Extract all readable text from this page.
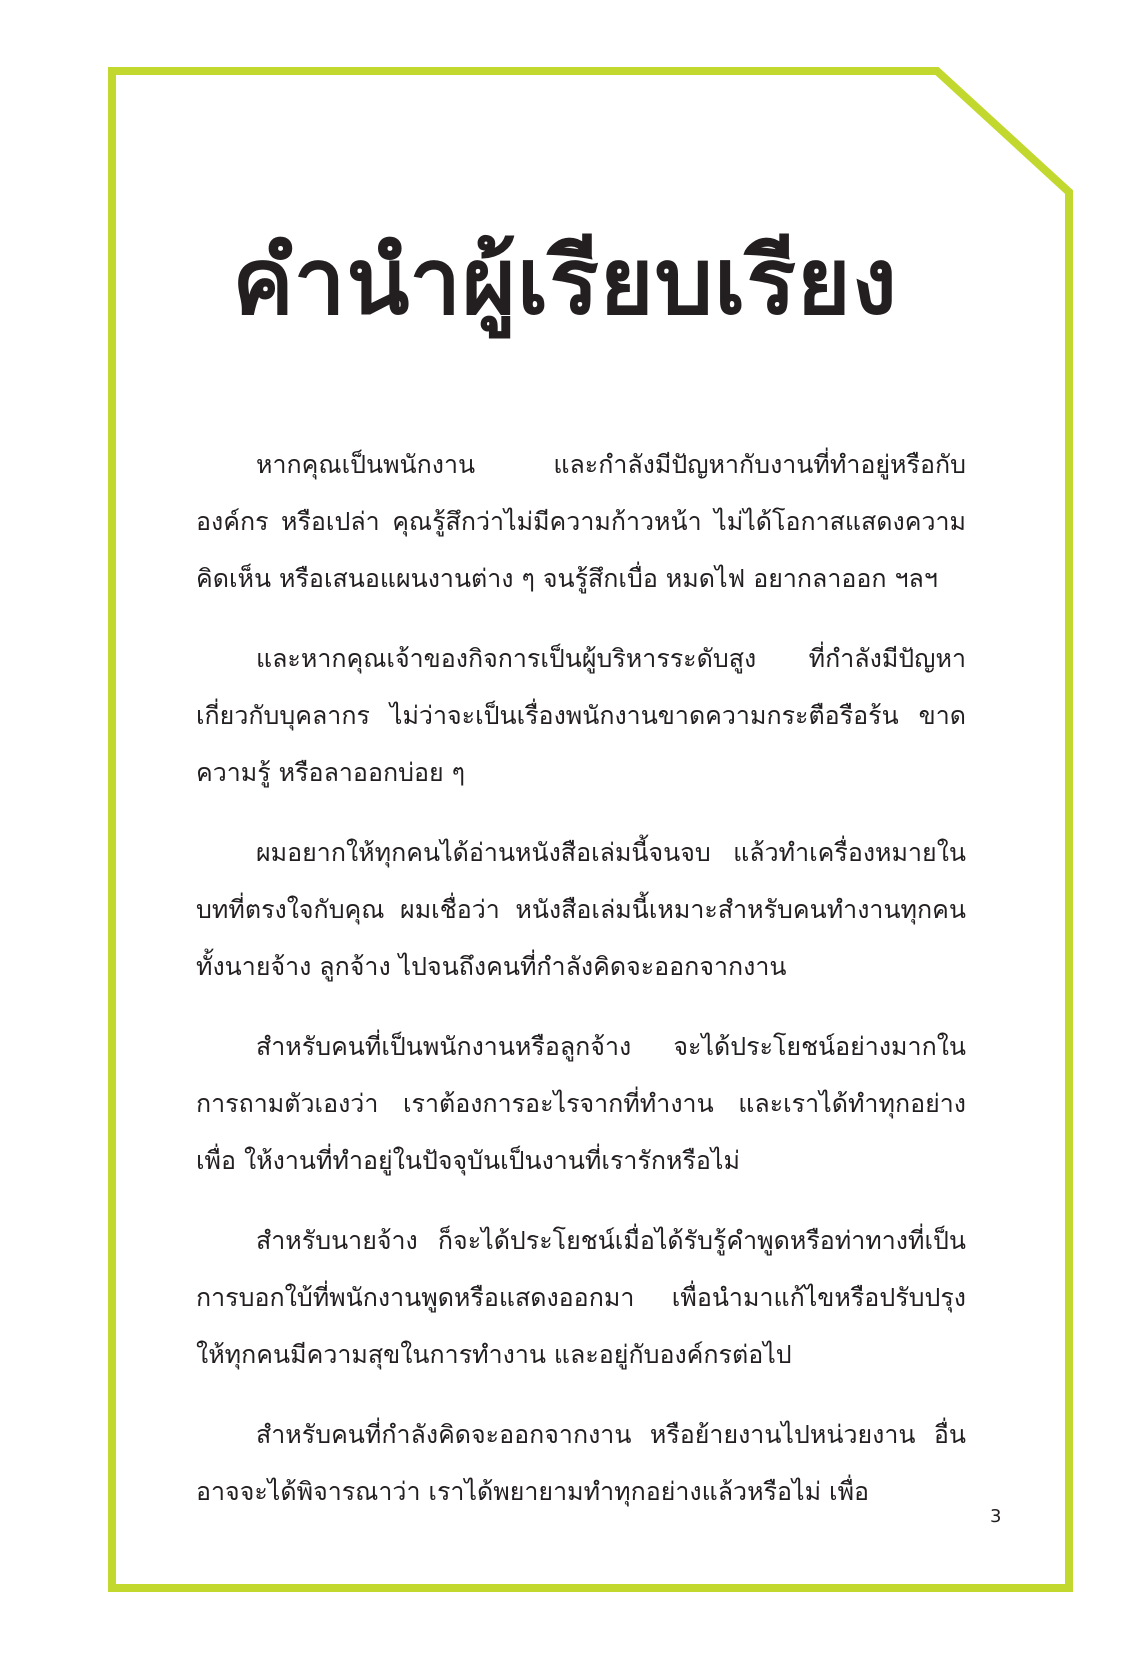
คำนำผู้เรียบเรียง

หากคุณเป็นพนักงาน และกำลังมีปัญหากับงานที่ทำอยู่หรือกับองค์กร หรือเปล่า คุณรู้สึกว่าไม่มีความก้าวหน้า ไม่ได้โอกาสแสดงความคิดเห็น หรือเสนอแผนงานต่าง ๆ จนรู้สึกเบื่อ หมดไฟ อยากลาออก ฯลฯ

และหากคุณเจ้าของกิจการเป็นผู้บริหารระดับสูง ที่กำลังมีปัญหา เกี่ยวกับบุคลากร ไม่ว่าจะเป็นเรื่องพนักงานขาดความกระตือรือร้น ขาดความรู้ หรือลาออกบ่อย ๆ

ผมอยากให้ทุกคนได้อ่านหนังสือเล่มนี้จนจบ แล้วทำเครื่องหมายใน บทที่ตรงใจกับคุณ ผมเชื่อว่า หนังสือเล่มนี้เหมาะสำหรับคนทำงานทุกคน ทั้งนายจ้าง ลูกจ้าง ไปจนถึงคนที่กำลังคิดจะออกจากงาน

สำหรับคนที่เป็นพนักงานหรือลูกจ้าง จะได้ประโยชน์อย่างมากใน การถามตัวเองว่า เราต้องการอะไรจากที่ทำงาน และเราได้ทำทุกอย่างเพื่อ ให้งานที่ทำอยู่ในปัจจุบันเป็นงานที่เรารักหรือไม่

สำหรับนายจ้าง ก็จะได้ประโยชน์เมื่อได้รับรู้คำพูดหรือท่าทางที่เป็น การบอกใบ้ที่พนักงานพูดหรือแสดงออกมา เพื่อนำมาแก้ไขหรือปรับปรุง ให้ทุกคนมีความสุขในการทำงาน และอยู่กับองค์กรต่อไป

สำหรับคนที่กำลังคิดจะออกจากงาน หรือย้ายงานไปหน่วยงาน อื่น อาจจะได้พิจารณาว่า เราได้พยายามทำทุกอย่างแล้วหรือไม่ เพื่อ

3
